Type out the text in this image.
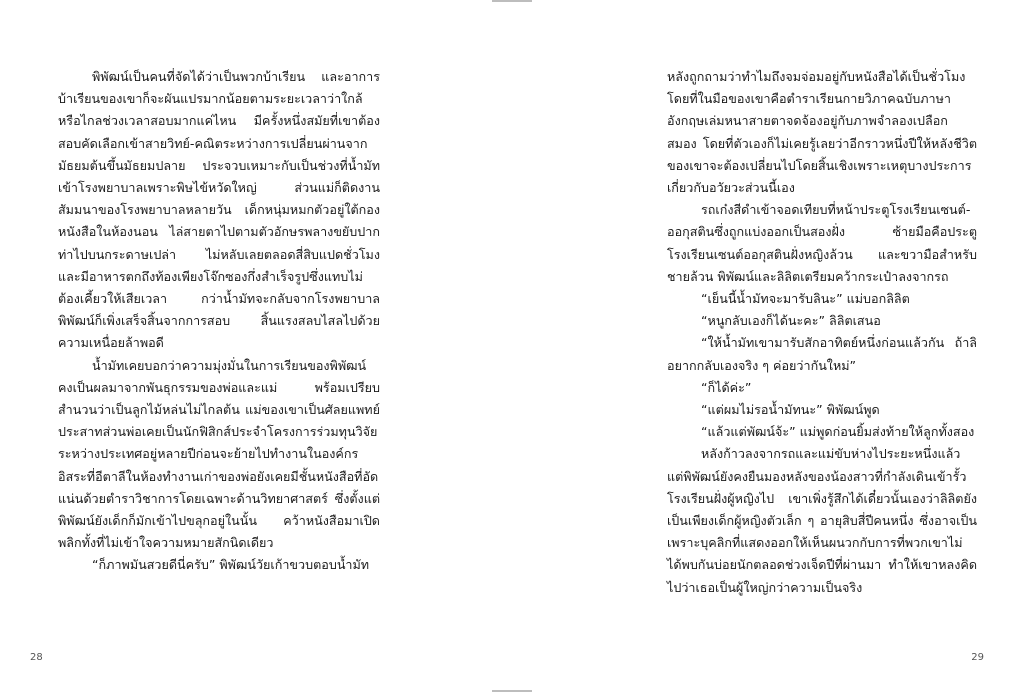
พิพัฒน์เป็นคนที่จัดได้ว่าเป็นพวกบ้าเรียน และอาการบ้าเรียนของเขาก็จะผันแปรมากน้อยตามระยะเวลาว่าใกล้หรือไกลช่วงเวลาสอบมากแค่ไหน มีครั้งหนึ่งสมัยที่เขาต้องสอบคัดเลือกเข้าสายวิทย์-คณิตระหว่างการเปลี่ยนผ่านจากมัธยมต้นขึ้นมัธยมปลาย ประจวบเหมาะกับเป็นช่วงที่น้ำมัทเข้าโรงพยาบาลเพราะพิษไข้หวัดใหญ่ ส่วนแม่ก็ติดงานสัมมนาของโรงพยาบาลหลายวัน เด็กหนุ่มหมกตัวอยู่ใต้กองหนังสือในห้องนอน ไล่สายตาไปตามตัวอักษรพลางขยับปากท่าไปบนกระดาษเปล่า ไม่หลับเลยตลอดสี่สิบแปดชั่วโมง และมีอาหารตกถึงท้องเพียงโจ๊กซองกึ่งสำเร็จรูปซึ่งแทบไม่ต้องเคี้ยวให้เสียเวลา กว่าน้ำมัทจะกลับจากโรงพยาบาล พิพัฒน์ก็เพิ่งเสร็จสิ้นจากการสอบ สิ้นแรงสลบไสลไปด้วยความเหนื่อยล้าพอดี

น้ำมัทเคยบอกว่าความมุ่งมั่นในการเรียนของพิพัฒน์คงเป็นผลมาจากพันธุกรรมของพ่อและแม่ พร้อมเปรียบสำนวนว่าเป็นลูกไม้หล่นไม่ไกลต้น แม่ของเขาเป็นศัลยแพทย์ประสาทส่วนพ่อเคยเป็นนักฟิสิกส์ประจำโครงการร่วมทุนวิจัยระหว่างประเทศอยู่หลายปีก่อนจะย้ายไปทำงานในองค์กรอิสระที่อีตาลีในห้องทำงานเก่าของพ่อยังเคยมีชั้นหนังสือที่อัดแน่นด้วยตำราวิชาการโดยเฉพาะด้านวิทยาศาสตร์ ซึ่งตั้งแต่พิพัฒน์ยังเด็กก็มักเข้าไปขลุกอยู่ในนั้น คว้าหนังสือมาเปิดพลิกทั้งที่ไม่เข้าใจความหมายสักนิดเดียว

“ก็ภาพมันสวยดีนี่ครับ” พิพัฒน์วัยเก้าขวบตอบน้ำมัท

28

หลังถูกถามว่าทำไมถึงจมจ่อมอยู่กับหนังสือได้เป็นชั่วโมง โดยที่ในมือของเขาคือตำราเรียนกายวิภาคฉบับภาษาอังกฤษเล่มหนาสายตาจดจ้องอยู่กับภาพจำลองเปลือกสมอง โดยที่ตัวเองก็ไม่เคยรู้เลยว่าอีกราวหนึ่งปีให้หลังชีวิตของเขาจะต้องเปลี่ยนไปโดยสิ้นเชิงเพราะเหตุบางประการเกี่ยวกับอวัยวะส่วนนี้เอง

รถเก๋งสีดำเข้าจอดเทียบที่หน้าประตูโรงเรียนเซนต์-ออกุสตินซึ่งถูกแบ่งออกเป็นสองฝั่ง ซ้ายมือคือประตูโรงเรียนเซนต์ออกุสตินฝั่งหญิงล้วน และขวามือสำหรับชายล้วน พิพัฒน์และลิลิตเตรียมคว้ากระเป๋าลงจากรถ

“เย็นนี้น้ำมัทจะมารับลินะ” แม่บอกลิลิต

“หนูกลับเองก็ได้นะคะ” ลิลิตเสนอ

“ให้น้ำมัทเขามารับสักอาทิตย์หนึ่งก่อนแล้วกัน ถ้าลิอยากกลับเองจริง ๆ ค่อยว่ากันใหม่”

“ก็ได้ค่ะ”

“แต่ผมไม่รอน้ำมัทนะ” พิพัฒน์พูด

“แล้วแต่พัฒน์จ้ะ” แม่พูดก่อนยิ้มส่งท้ายให้ลูกทั้งสอง

หลังก้าวลงจากรถและแม่ขับห่างไประยะหนึ่งแล้ว แต่พิพัฒน์ยังคงยืนมองหลังของน้องสาวที่กำลังเดินเข้ารั้วโรงเรียนฝั่งผู้หญิงไป เขาเพิ่งรู้สึกได้เดี๋ยวนั้นเองว่าลิลิตยังเป็นเพียงเด็กผู้หญิงตัวเล็ก ๆ อายุสิบสี่ปีคนหนึ่ง ซึ่งอาจเป็นเพราะบุคลิกที่แสดงออกให้เห็นผนวกกับการที่พวกเขาไม่ได้พบกันบ่อยนักตลอดช่วงเจ็ดปีที่ผ่านมา ทำให้เขาหลงคิดไปว่าเธอเป็นผู้ใหญ่กว่าความเป็นจริง

29
